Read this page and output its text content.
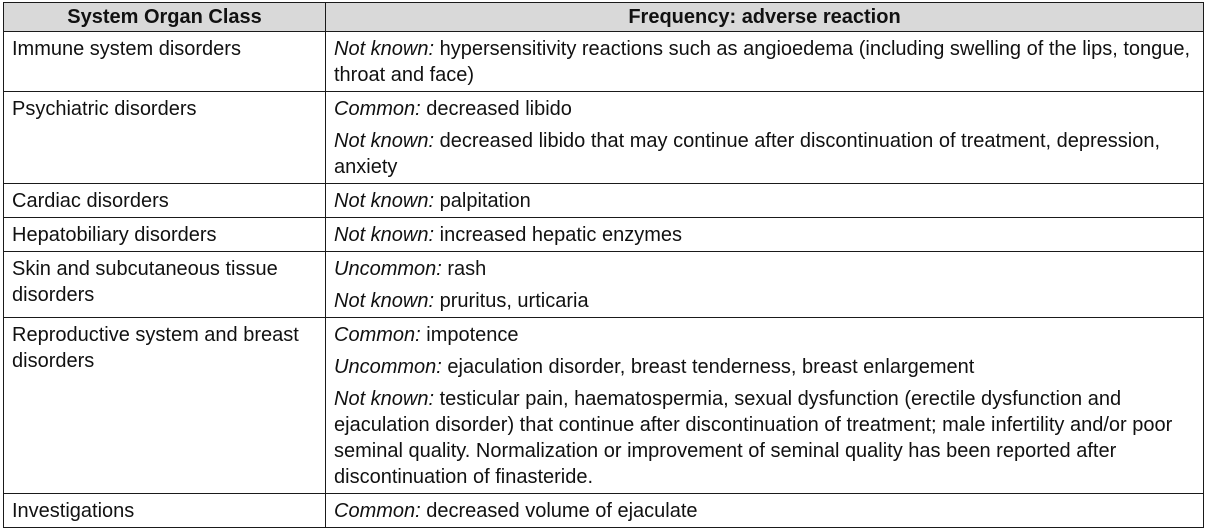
System Organ Class	Frequency: adverse reaction
Immune system disorders	Not known: hypersensitivity reactions such as angioedema (including swelling of the lips, tongue, throat and face)

Psychiatric disorders	Common: decreased libido
Not known: decreased libido that may continue after discontinuation of treatment, depression, anxiety

Cardiac disorders	Not known: palpitation

Hepatobiliary disorders	Not known: increased hepatic enzymes

Skin and subcutaneous tissue disorders	Uncommon: rash
Not known: pruritus, urticaria

Reproductive system and breast disorders	Common: impotence
Uncommon: ejaculation disorder, breast tenderness, breast enlargement
Not known: testicular pain, haematospermia, sexual dysfunction (erectile dysfunction and ejaculation disorder) that continue after discontinuation of treatment; male infertility and/or poor seminal quality. Normalization or improvement of seminal quality has been reported after discontinuation of finasteride.

Investigations	Common: decreased volume of ejaculate
